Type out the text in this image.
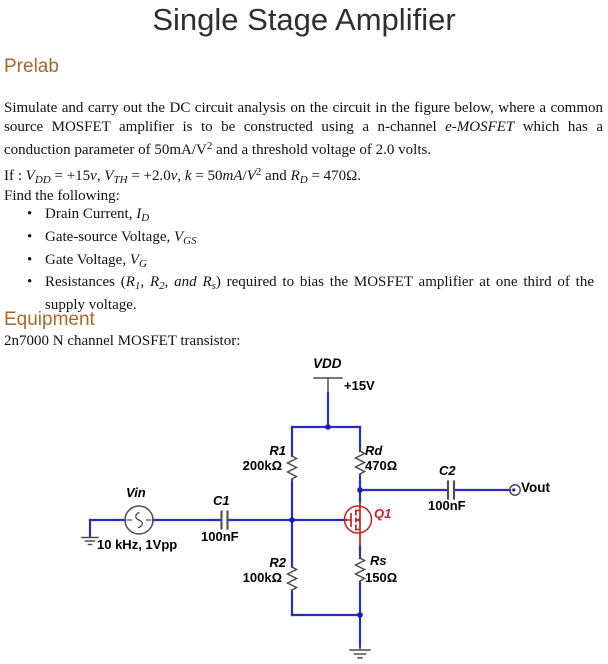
Single Stage Amplifier
Prelab

Simulate and carry out the DC circuit analysis on the circuit in the figure below, where a common source MOSFET amplifier is to be constructed using a n-channel e-MOSFET which has a conduction parameter of $50mA/V^2$ and a threshold voltage of 2.0 volts.

If : $V_{DD} = +15v$, $V_{TH} = +2.0v$, $k = 50mA/V^2$ and $R_D = 470\Omega$.

Find the following:

• Drain Current, $I_D$
• Gate-source Voltage, $V_{GS}$
• Gate Voltage, $V_G$
• Resistances ($R_1$, $R_2$, and $R_s$) required to bias the MOSFET amplifier at one third of the supply voltage.
Equipment

2n7000 N channel MOSFET transistor:

VDD
+15V
R1
200kΩ
Rd
470Ω	C2
100nF
Vout
Vin
10 kHz, 1Vpp
C1
100nF
Q1
R2
100kΩ
Rs
150Ω
